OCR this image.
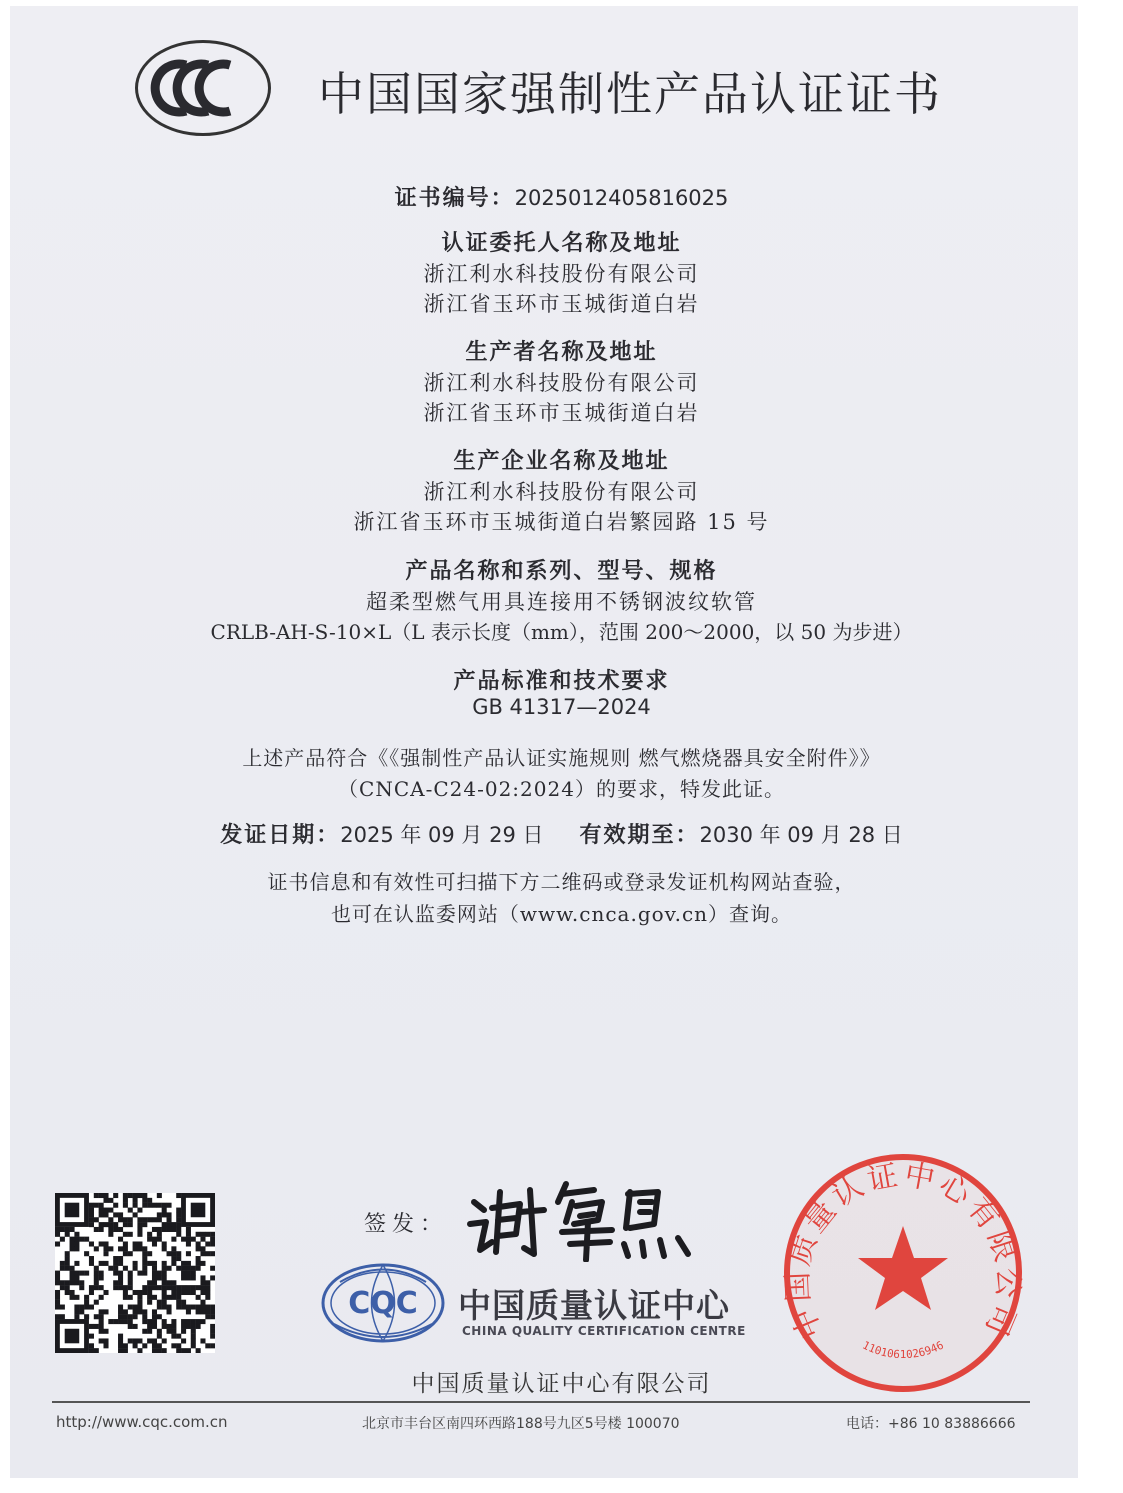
中国国家强制性产品认证证书
证书编号：2025012405816025
认证委托人名称及地址
浙江利水科技股份有限公司
浙江省玉环市玉城街道白岩
生产者名称及地址
浙江利水科技股份有限公司
浙江省玉环市玉城街道白岩
生产企业名称及地址
浙江利水科技股份有限公司
浙江省玉环市玉城街道白岩繁园路 15 号
产品名称和系列、型号、规格
超柔型燃气用具连接用不锈钢波纹软管
CRLB-AH-S-10×L（L 表示长度（mm），范围 200～2000，以 50 为步进）
产品标准和技术要求
GB 41317—2024
上述产品符合《《强制性产品认证实施规则 燃气燃烧器具安全附件》》
（CNCA-C24-02:2024）的要求，特发此证。
发证日期：2025 年 09 月 29 日 有效期至：2030 年 09 月 28 日
证书信息和有效性可扫描下方二维码或登录发证机构网站查验，
也可在认监委网站（www.cnca.gov.cn）查询。
签发：
CQC 中国质量认证中心
CHINA QUALITY CERTIFICATION CENTRE 中国质量认证中心有限公司
1101061026946
中国质量认证中心有限公司
http://www.cqc.com.cn	北京市丰台区南四环西路188号九区5号楼 100070	电话：+86 10 83886666
